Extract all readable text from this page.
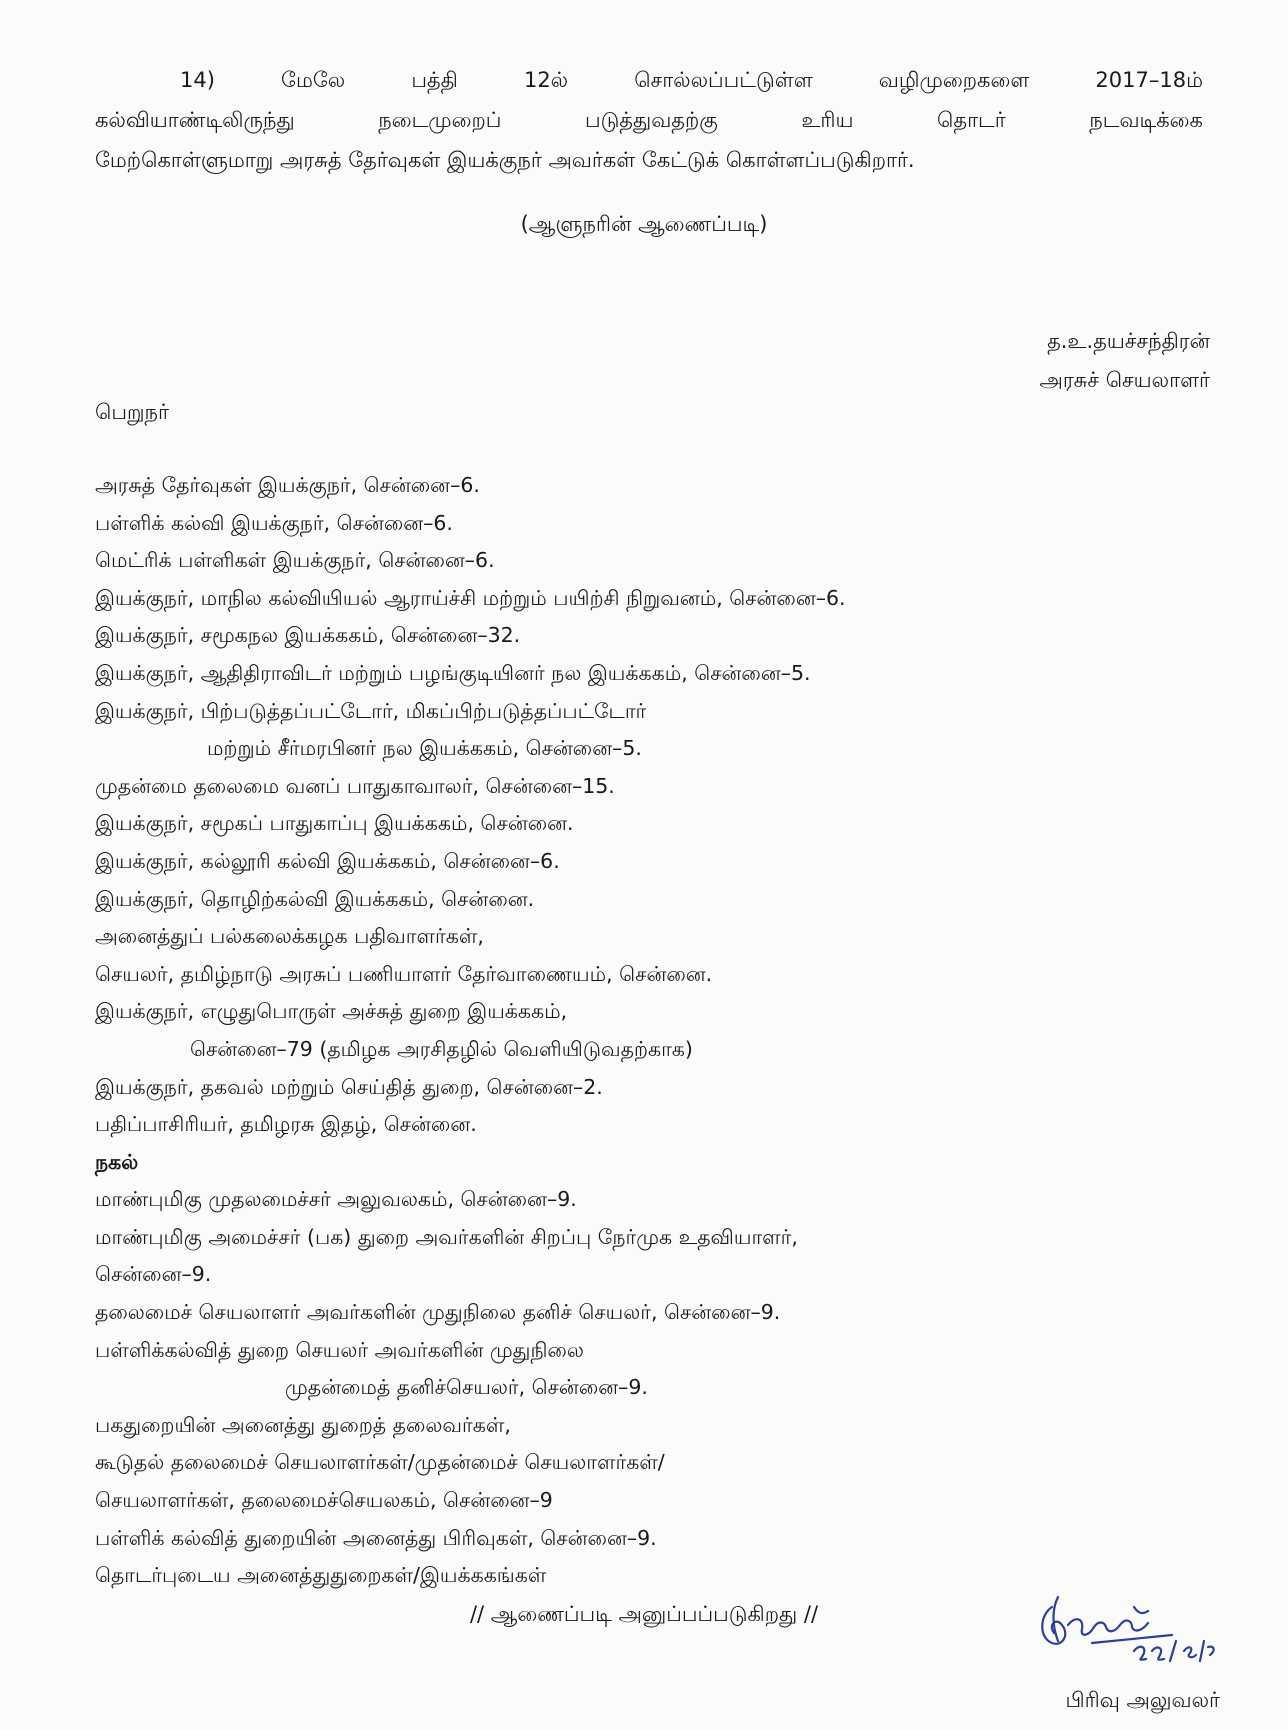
14) மேலே பத்தி 12ல் சொல்லப்பட்டுள்ள வழிமுறைகளை 2017–18ம்
கல்வியாண்டிலிருந்து நடைமுறைப் படுத்துவதற்கு உரிய தொடர் நடவடிக்கை
மேற்கொள்ளுமாறு அரசுத் தேர்வுகள் இயக்குநர் அவர்கள் கேட்டுக் கொள்ளப்படுகிறார்.
(ஆளுநரின் ஆணைப்படி)
த.உ.தயச்சந்திரன்
அரசுச் செயலாளர்
பெறுநர்
அரசுத் தேர்வுகள் இயக்குநர், சென்னை–6.
பள்ளிக் கல்வி இயக்குநர், சென்னை–6.
மெட்ரிக் பள்ளிகள் இயக்குநர், சென்னை–6.
இயக்குநர், மாநில கல்வியியல் ஆராய்ச்சி மற்றும் பயிற்சி நிறுவனம், சென்னை–6.
இயக்குநர், சமூகநல இயக்ககம், சென்னை–32.
இயக்குநர், ஆதிதிராவிடர் மற்றும் பழங்குடியினர் நல இயக்ககம், சென்னை–5.
இயக்குநர், பிற்படுத்தப்பட்டோர், மிகப்பிற்படுத்தப்பட்டோர்
மற்றும் சீர்மரபினர் நல இயக்ககம், சென்னை–5.
முதன்மை தலைமை வனப் பாதுகாவாலர், சென்னை–15.
இயக்குநர், சமூகப் பாதுகாப்பு இயக்ககம், சென்னை.
இயக்குநர், கல்லூரி கல்வி இயக்ககம், சென்னை–6.
இயக்குநர், தொழிற்கல்வி இயக்ககம், சென்னை.
அனைத்துப் பல்கலைக்கழக பதிவாளர்கள்,
செயலர், தமிழ்நாடு அரசுப் பணியாளர் தேர்வாணையம், சென்னை.
இயக்குநர், எழுதுபொருள் அச்சுத் துறை இயக்ககம்,
சென்னை–79 (தமிழக அரசிதழில் வெளியிடுவதற்காக)
இயக்குநர், தகவல் மற்றும் செய்தித் துறை, சென்னை–2.
பதிப்பாசிரியர், தமிழரசு இதழ், சென்னை.
நகல்
மாண்புமிகு முதலமைச்சர் அலுவலகம், சென்னை–9.
மாண்புமிகு அமைச்சர் (பக) துறை அவர்களின் சிறப்பு நேர்முக உதவியாளர்,
சென்னை–9.
தலைமைச் செயலாளர் அவர்களின் முதுநிலை தனிச் செயலர், சென்னை–9.
பள்ளிக்கல்வித் துறை செயலர் அவர்களின் முதுநிலை
முதன்மைத் தனிச்செயலர், சென்னை–9.
பகதுறையின் அனைத்து துறைத் தலைவர்கள்,
கூடுதல் தலைமைச் செயலாளர்கள்/முதன்மைச் செயலாளர்கள்/
செயலாளர்கள், தலைமைச்செயலகம், சென்னை–9
பள்ளிக் கல்வித் துறையின் அனைத்து பிரிவுகள், சென்னை–9.
தொடர்புடைய அனைத்துதுறைகள்/இயக்ககங்கள்
// ஆணைப்படி அனுப்பப்படுகிறது //
பிரிவு அலுவலர்
